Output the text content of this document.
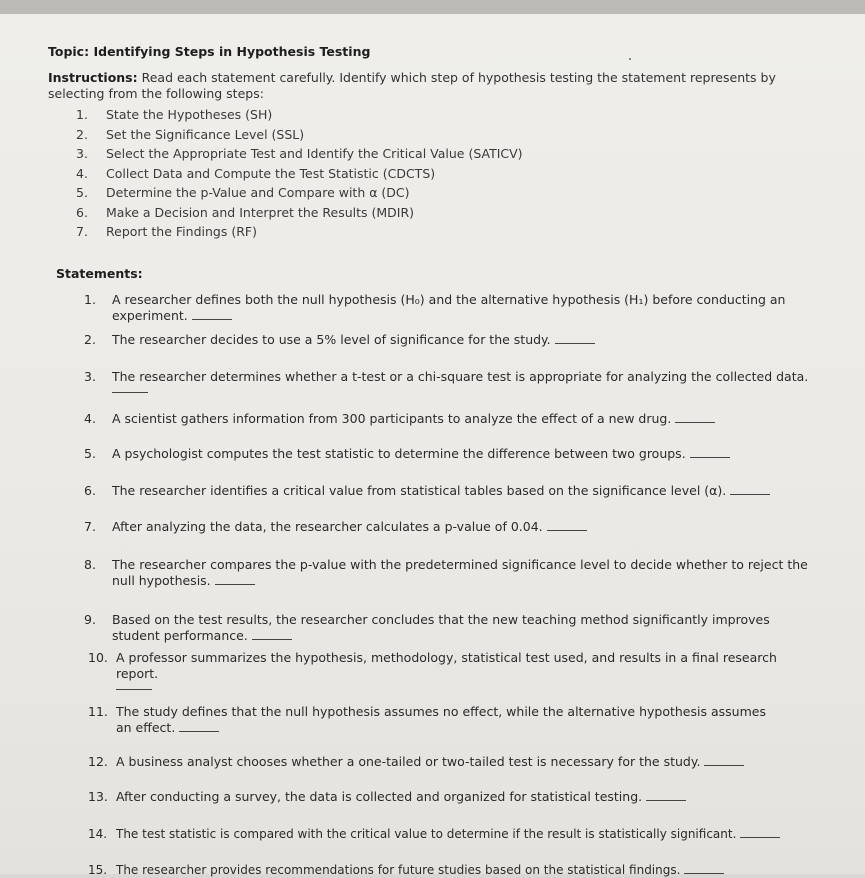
Topic: Identifying Steps in Hypothesis Testing
Instructions: Read each statement carefully. Identify which step of hypothesis testing the statement represents by selecting from the following steps:
1. State the Hypotheses (SH)
2. Set the Significance Level (SSL)
3. Select the Appropriate Test and Identify the Critical Value (SATICV)
4. Collect Data and Compute the Test Statistic (CDCTS)
5. Determine the p-Value and Compare with α (DC)
6. Make a Decision and Interpret the Results (MDIR)
7. Report the Findings (RF)
Statements:
1. A researcher defines both the null hypothesis (H₀) and the alternative hypothesis (H₁) before conducting an experiment.
2. The researcher decides to use a 5% level of significance for the study.
3. The researcher determines whether a t-test or a chi-square test is appropriate for analyzing the collected data.
4. A scientist gathers information from 300 participants to analyze the effect of a new drug.
5. A psychologist computes the test statistic to determine the difference between two groups.
6. The researcher identifies a critical value from statistical tables based on the significance level (α).
7. After analyzing the data, the researcher calculates a p-value of 0.04.
8. The researcher compares the p-value with the predetermined significance level to decide whether to reject the null hypothesis.
9. Based on the test results, the researcher concludes that the new teaching method significantly improves student performance.
10. A professor summarizes the hypothesis, methodology, statistical test used, and results in a final research report.
11. The study defines that the null hypothesis assumes no effect, while the alternative hypothesis assumes an effect.
12. A business analyst chooses whether a one-tailed or two-tailed test is necessary for the study.
13. After conducting a survey, the data is collected and organized for statistical testing.
14. The test statistic is compared with the critical value to determine if the result is statistically significant.
15. The researcher provides recommendations for future studies based on the statistical findings.
